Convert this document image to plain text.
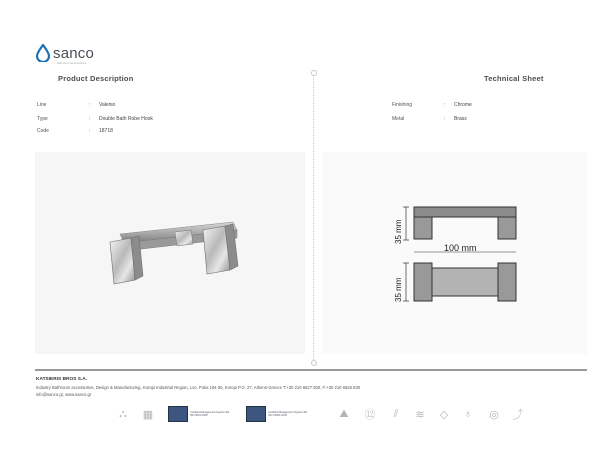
sanco
bathroom accessories
Product Description	Technical Sheet
Line	:	Valenio
Type	:	Double Bath Robe Hook
Code	:	18718
Finishing	:	Chrome
Metal	:	Brass
35 mm
100 mm
35 mm
KATSIERIS BROS S.A.
Industry Bathroom accessories, Design & Manufacturing, Koropi Industrial Region, Loc. Poka 194 00, Koropi P.O. 27, Athens-Greece T:+30 210 6627 500, F:+30 210 6626 830
info@sanco.gr, www.sanco.gr
⛬	▦	Certified Management System EN ISO 9001:2008
Certified Management System EN ISO 14001:2004	⛰	⑫	⫽	≋	◇	♁	◎ ⤴
